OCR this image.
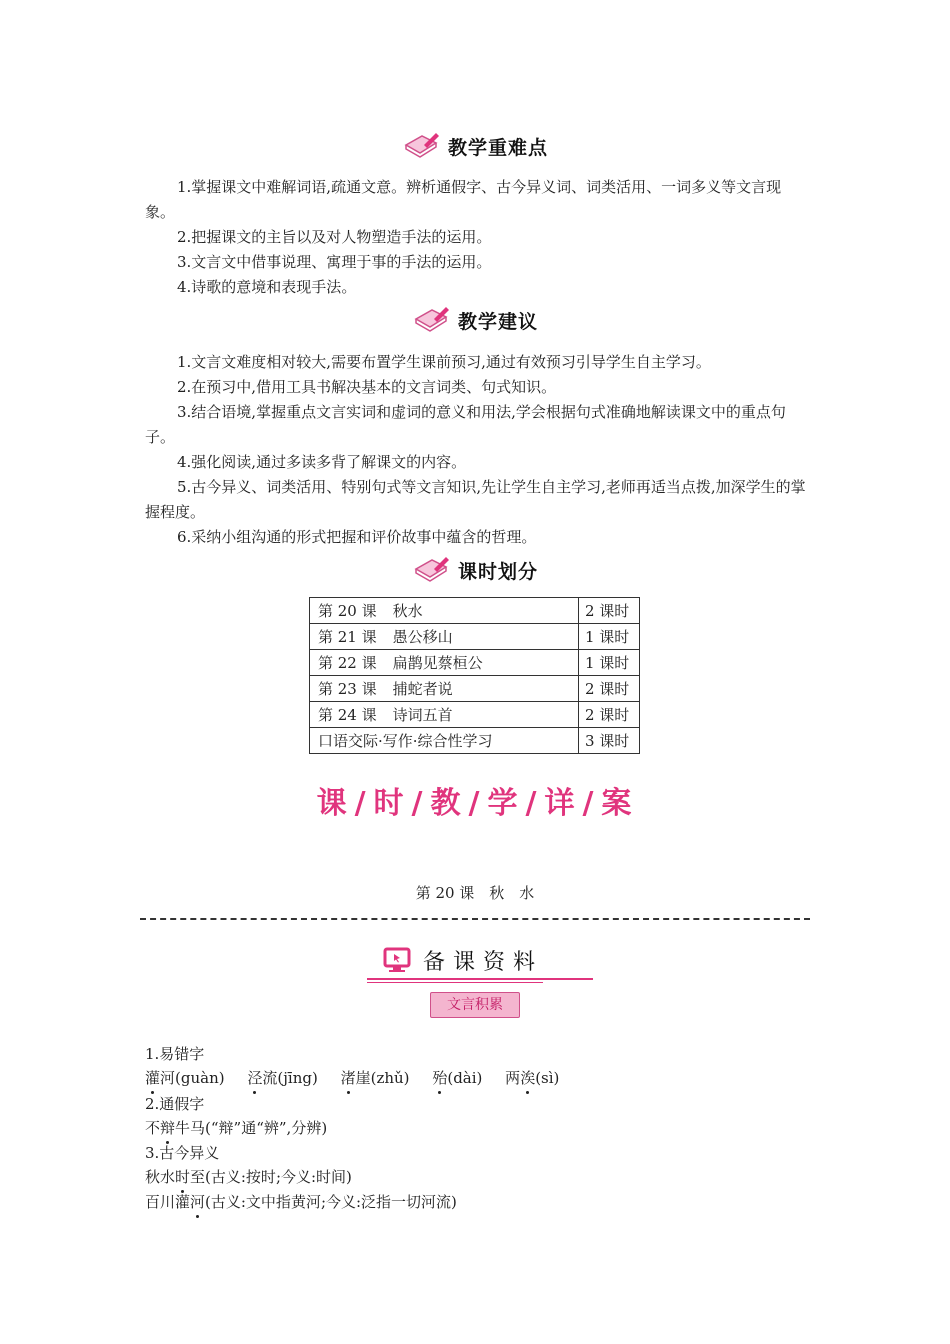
教学重难点

1.掌握课文中难解词语,疏通文意。辨析通假字、古今异义词、词类活用、一词多义等文言现象。

2.把握课文的主旨以及对人物塑造手法的运用。

3.文言文中借事说理、寓理于事的手法的运用。

4.诗歌的意境和表现手法。

教学建议

1.文言文难度相对较大,需要布置学生课前预习,通过有效预习引导学生自主学习。

2.在预习中,借用工具书解决基本的文言词类、句式知识。

3.结合语境,掌握重点文言实词和虚词的意义和用法,学会根据句式准确地解读课文中的重点句子。

4.强化阅读,通过多读多背了解课文的内容。

5.古今异义、词类活用、特别句式等文言知识,先让学生自主学习,老师再适当点拨,加深学生的掌握程度。

6.采纳小组沟通的形式把握和评价故事中蕴含的哲理。

课时划分
第 20 课 秋水	2 课时
第 21 课 愚公移山	1 课时
第 22 课 扁鹊见蔡桓公	1 课时
第 23 课 捕蛇者说	2 课时
第 24 课 诗词五首	2 课时
口语交际·写作·综合性学习	3 课时
课 / 时 / 教 / 学 / 详 / 案
第 20 课　秋　水
备课资料
文言积累
1.易错字
灌河(guàn) 泾流(jīng) 渚崖(zhǔ) 殆(dài) 两涘(sì)
2.通假字
不辩牛马(“辩”通“辨”,分辨)
3.古今异义
秋水时至(古义:按时;今义:时间)
百川灌河(古义:文中指黄河;今义:泛指一切河流)
